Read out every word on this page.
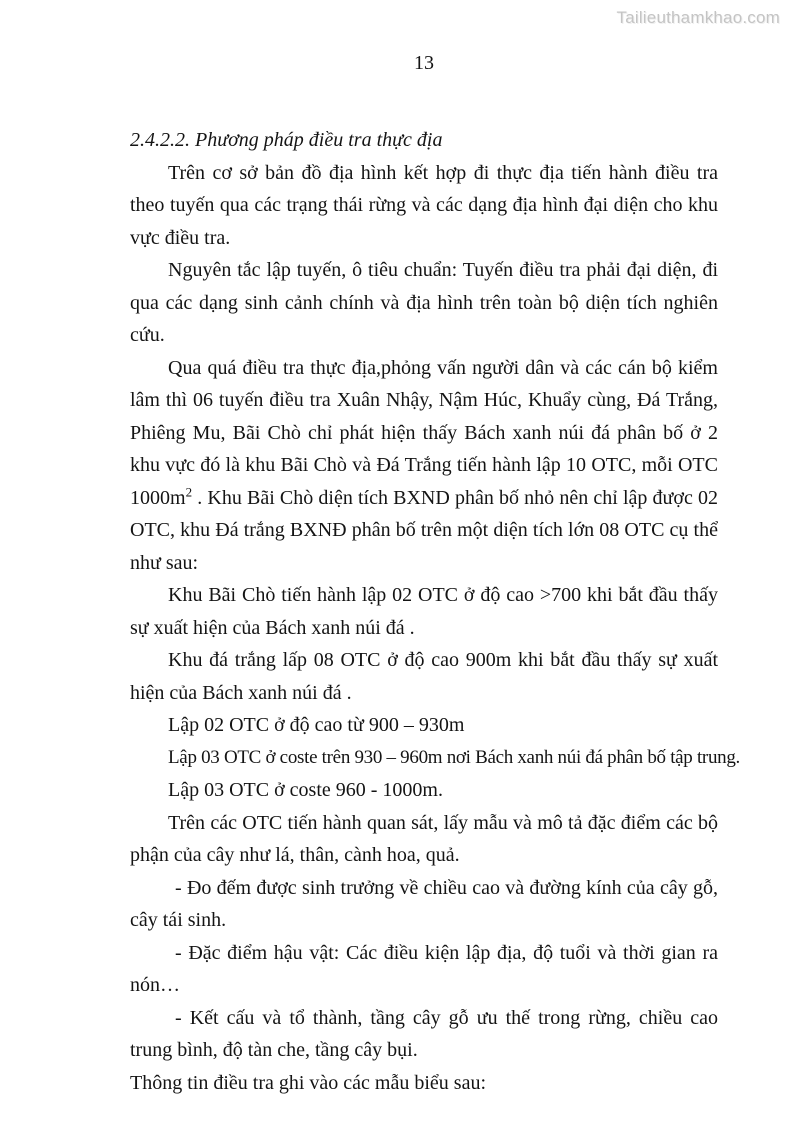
Tailieuthamkhao.com
13
2.4.2.2. Phương pháp điều tra thực địa

Trên cơ sở bản đồ địa hình kết hợp đi thực địa tiến hành điều tra theo tuyến qua các trạng thái rừng và các dạng địa hình đại diện cho khu vực điều tra.

Nguyên tắc lập tuyến, ô tiêu chuẩn: Tuyến điều tra phải đại diện, đi qua các dạng sinh cảnh chính và địa hình trên toàn bộ diện tích nghiên cứu.

Qua quá điều tra thực địa,phỏng vấn người dân và các cán bộ kiểm lâm thì 06 tuyến điều tra Xuân Nhậy, Nậm Húc, Khuẩy cùng, Đá Trắng, Phiêng Mu, Bãi Chò chỉ phát hiện thấy Bách xanh núi đá phân bố ở 2 khu vực đó là khu Bãi Chò và Đá Trắng tiến hành lập 10 OTC, mỗi OTC $1000m^2$ . Khu Bãi Chò diện tích BXND phân bố nhỏ nên chỉ lập được 02 OTC, khu Đá trắng BXNĐ phân bố trên một diện tích lớn 08 OTC cụ thể như sau:

Khu Bãi Chò tiến hành lập 02 OTC ở độ cao >700 khi bắt đầu thấy sự xuất hiện của Bách xanh núi đá .

Khu đá trắng lấp 08 OTC ở độ cao 900m khi bắt đầu thấy sự xuất hiện của Bách xanh núi đá .

Lập 02 OTC ở độ cao từ 900 – 930m

Lập 03 OTC ở coste trên 930 – 960m nơi Bách xanh núi đá phân bố tập trung.

Lập 03 OTC ở coste 960 - 1000m.

Trên các OTC tiến hành quan sát, lấy mẫu và mô tả đặc điểm các bộ phận của cây như lá, thân, cành hoa, quả.

- Đo đếm được sinh trưởng về chiều cao và đường kính của cây gỗ, cây tái sinh.

- Đặc điểm hậu vật: Các điều kiện lập địa, độ tuổi và thời gian ra nón…

- Kết cấu và tổ thành, tầng cây gỗ ưu thế trong rừng, chiều cao trung bình, độ tàn che, tầng cây bụi.

Thông tin điều tra ghi vào các mẫu biểu sau:
